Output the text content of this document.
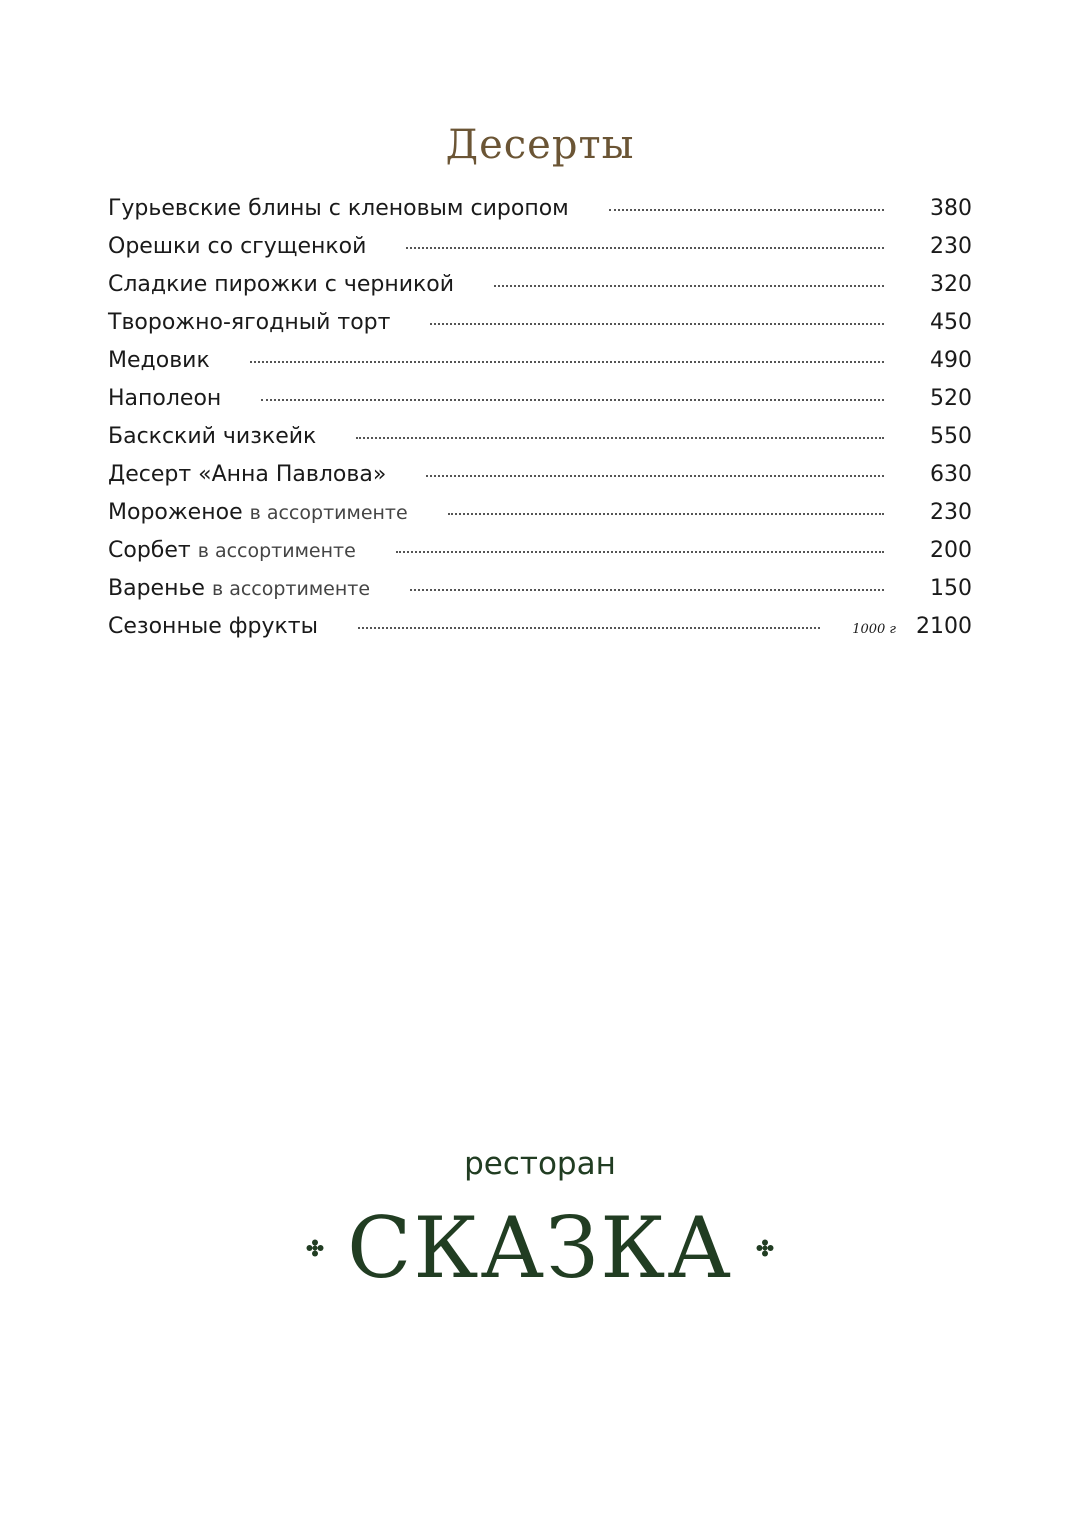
Десерты
Гурьевские блины с кленовым сиропом	380
Орешки со сгущенкой	230
Сладкие пирожки с черникой	320
Творожно-ягодный торт	450
Медовик	490
Наполеон	520
Баскский чизкейк	550
Десерт «Анна Павлова»	630
Мороженое в ассортименте	230
Сорбет в ассортименте	200
Варенье в ассортименте	150
Сезонные фрукты	1000 г 2100
ресторан
СКАЗКА
